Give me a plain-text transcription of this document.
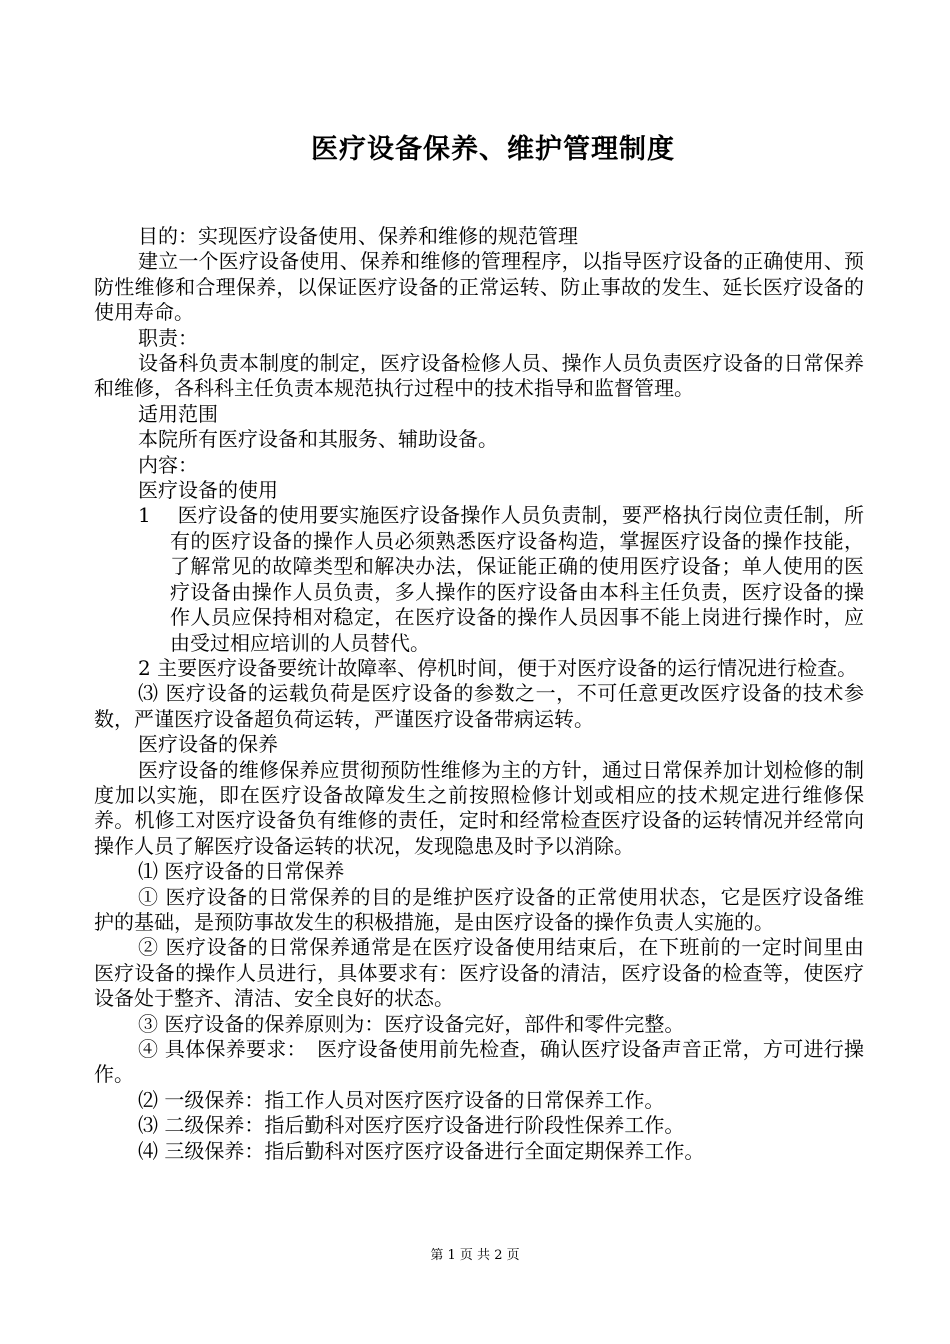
医疗设备保养、维护管理制度

目的：实现医疗设备使用、保养和维修的规范管理

建立一个医疗设备使用、保养和维修的管理程序，以指导医疗设备的正确使用、预防性维修和合理保养，以保证医疗设备的正常运转、防止事故的发生、延长医疗设备的使用寿命。

职责：

设备科负责本制度的制定，医疗设备检修人员、操作人员负责医疗设备的日常保养和维修，各科科主任负责本规范执行过程中的技术指导和监督管理。

适用范围

本院所有医疗设备和其服务、辅助设备。

内容：

医疗设备的使用

1　 医疗设备的使用要实施医疗设备操作人员负责制，要严格执行岗位责任制，所有的医疗设备的操作人员必须熟悉医疗设备构造，掌握医疗设备的操作技能，了解常见的故障类型和解决办法，保证能正确的使用医疗设备；单人使用的医疗设备由操作人员负责，多人操作的医疗设备由本科主任负责，医疗设备的操作人员应保持相对稳定，在医疗设备的操作人员因事不能上岗进行操作时，应由受过相应培训的人员替代。

2 主要医疗设备要统计故障率、停机时间，便于对医疗设备的运行情况进行检查。

⑶ 医疗设备的运载负荷是医疗设备的参数之一，不可任意更改医疗设备的技术参数，严谨医疗设备超负荷运转，严谨医疗设备带病运转。

医疗设备的保养

医疗设备的维修保养应贯彻预防性维修为主的方针，通过日常保养加计划检修的制度加以实施，即在医疗设备故障发生之前按照检修计划或相应的技术规定进行维修保养。机修工对医疗设备负有维修的责任，定时和经常检查医疗设备的运转情况并经常向操作人员了解医疗设备运转的状况，发现隐患及时予以消除。

⑴ 医疗设备的日常保养

① 医疗设备的日常保养的目的是维护医疗设备的正常使用状态，它是医疗设备维护的基础，是预防事故发生的积极措施，是由医疗设备的操作负责人实施的。

② 医疗设备的日常保养通常是在医疗设备使用结束后，在下班前的一定时间里由医疗设备的操作人员进行，具体要求有：医疗设备的清洁，医疗设备的检查等，使医疗设备处于整齐、清洁、安全良好的状态。

③ 医疗设备的保养原则为：医疗设备完好，部件和零件完整。

④ 具体保养要求：　医疗设备使用前先检查，确认医疗设备声音正常，方可进行操作。

⑵ 一级保养：指工作人员对医疗医疗设备的日常保养工作。

⑶ 二级保养：指后勤科对医疗医疗设备进行阶段性保养工作。

⑷ 三级保养：指后勤科对医疗医疗设备进行全面定期保养工作。

第 1 页 共 2 页
